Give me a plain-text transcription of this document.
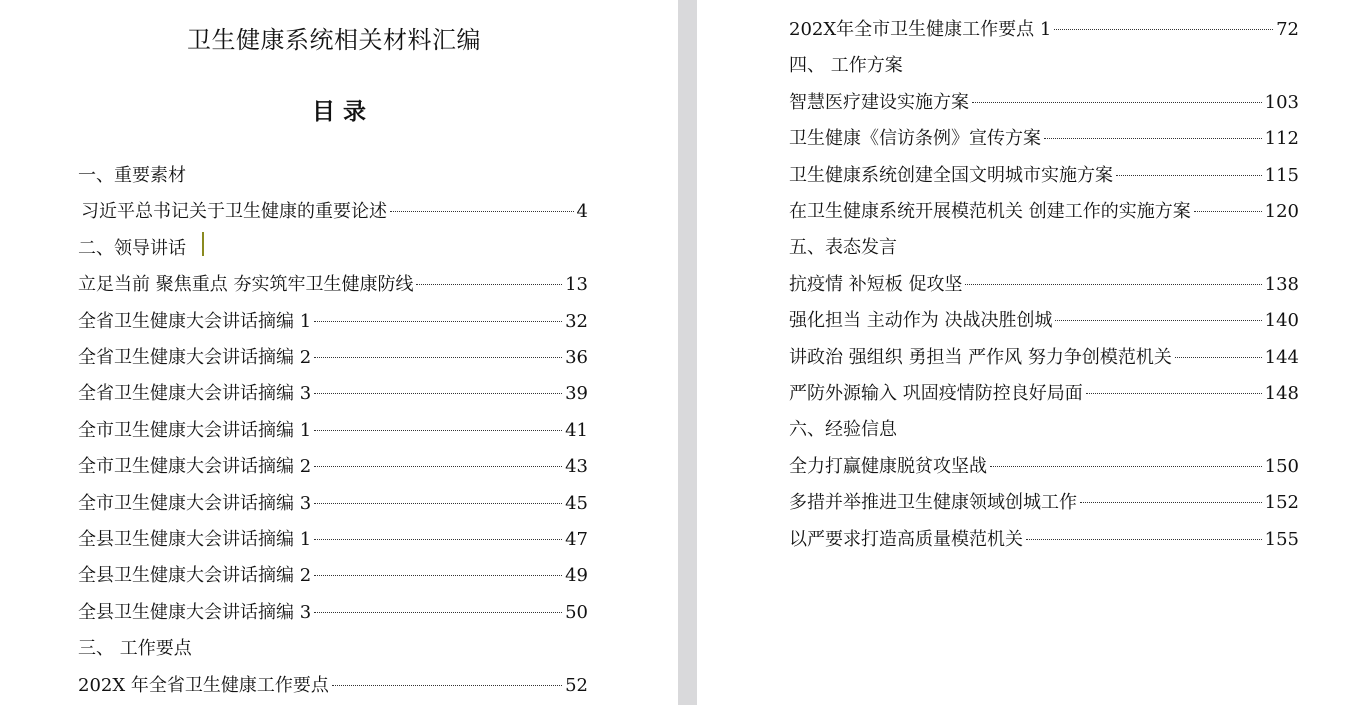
卫生健康系统相关材料汇编
目 录
一、重要素材
习近平总书记关于卫生健康的重要论述	4
二、领导讲话
立足当前 聚焦重点 夯实筑牢卫生健康防线	13
全省卫生健康大会讲话摘编 1	32
全省卫生健康大会讲话摘编 2	36
全省卫生健康大会讲话摘编 3	39
全市卫生健康大会讲话摘编 1	41
全市卫生健康大会讲话摘编 2	43
全市卫生健康大会讲话摘编 3	45
全县卫生健康大会讲话摘编 1	47
全县卫生健康大会讲话摘编 2	49
全县卫生健康大会讲话摘编 3	50
三、 工作要点
202X 年全省卫生健康工作要点	52
202X年全市卫生健康工作要点 1	72
四、 工作方案
智慧医疗建设实施方案	103
卫生健康《信访条例》宣传方案	112
卫生健康系统创建全国文明城市实施方案	115
在卫生健康系统开展模范机关 创建工作的实施方案	120
五、表态发言
抗疫情 补短板 促攻坚	138
强化担当 主动作为 决战决胜创城	140
讲政治 强组织 勇担当 严作风 努力争创模范机关	144
严防外源输入 巩固疫情防控良好局面	148
六、经验信息
全力打赢健康脱贫攻坚战	150
多措并举推进卫生健康领域创城工作	152
以严要求打造高质量模范机关	155
